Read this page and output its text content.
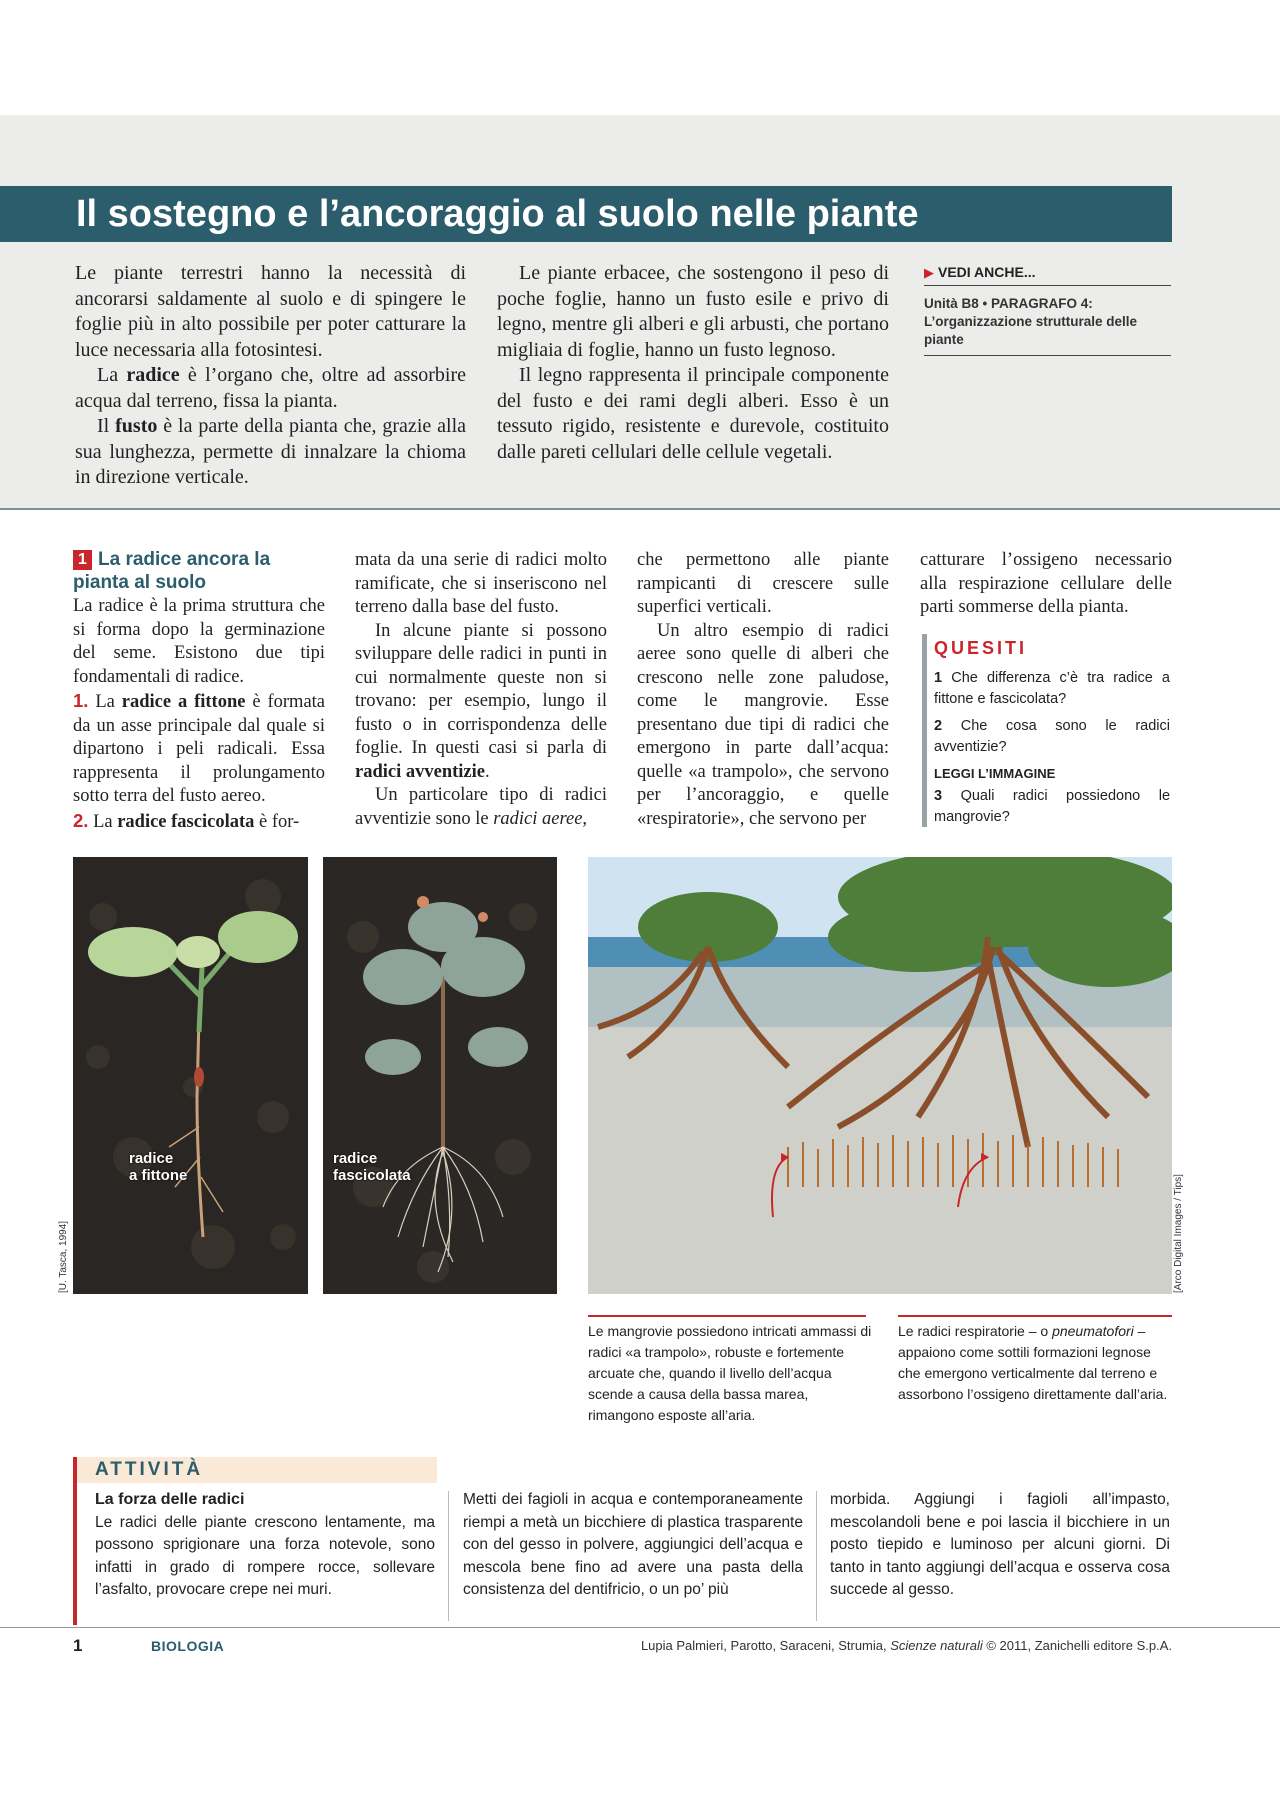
Il sostegno e l’ancoraggio al suolo nelle piante

Le piante terrestri hanno la necessità di ancorarsi saldamente al suolo e di spingere le foglie più in alto possibile per poter catturare la luce necessaria alla fotosintesi.

La radice è l’organo che, oltre ad assorbire acqua dal terreno, fissa la pianta.

Il fusto è la parte della pianta che, grazie alla sua lunghezza, permette di innalzare la chioma in direzione verticale.

Le piante erbacee, che sostengono il peso di poche foglie, hanno un fusto esile e privo di legno, mentre gli alberi e gli arbusti, che portano migliaia di foglie, hanno un fusto legnoso.

Il legno rappresenta il principale componente del fusto e dei rami degli alberi. Esso è un tessuto rigido, resistente e durevole, costituito dalle pareti cellulari delle cellule vegetali.

▶ VEDI ANCHE...
Unità B8 • PARAGRAFO 4:
L’organizzazione strutturale delle piante
1 La radice ancora la pianta al suolo

La radice è la prima struttura che si forma dopo la germinazione del seme. Esistono due tipi fondamentali di radice.

1. La radice a fittone è formata da un asse principale dal quale si dipartono i peli radicali. Essa rappresenta il prolungamento sotto terra del fusto aereo.

2. La radice fascicolata è for-

mata da una serie di radici molto ramificate, che si inseriscono nel terreno dalla base del fusto.

In alcune piante si possono sviluppare delle radici in punti in cui normalmente queste non si trovano: per esempio, lungo il fusto o in corrispondenza delle foglie. In questi casi si parla di radici avventizie.

Un particolare tipo di radici avventizie sono le radici aeree,

che permettono alle piante rampicanti di crescere sulle superfici verticali.

Un altro esempio di radici aeree sono quelle di alberi che crescono nelle zone paludose, come le mangrovie. Esse presentano due tipi di radici che emergono in parte dall’acqua: quelle «a trampolo», che servono per l’ancoraggio, e quelle «respiratorie», che servono per

catturare l’ossigeno necessario alla respirazione cellulare delle parti sommerse della pianta.

QUESITI
1 Che differenza c’è tra radice a fittone e fascicolata?
2 Che cosa sono le radici avventizie?
LEGGI L’IMMAGINE
3 Quali radici possiedono le mangrovie?
radice
a fittone
radice
fascicolata
[U. Tasca, 1994]	[Arco Digital Images / Tips]
Le mangrovie possiedono intricati ammassi di radici «a trampolo», robuste e fortemente arcuate che, quando il livello dell’acqua scende a causa della bassa marea, rimangono esposte all’aria.
Le radici respiratorie – o pneumatofori – appaiono come sottili formazioni legnose che emergono verticalmente dal terreno e assorbono l’ossigeno direttamente dall’aria.
ATTIVITÀ
La forza delle radici
Le radici delle piante crescono lentamente, ma possono sprigionare una forza notevole, sono infatti in grado di rompere rocce, sollevare l’asfalto, provocare crepe nei muri.
Metti dei fagioli in acqua e contemporaneamente riempi a metà un bicchiere di plastica trasparente con del gesso in polvere, aggiungici dell’acqua e mescola bene fino ad avere una pasta della consistenza del dentifricio, o un po’ più
morbida. Aggiungi i fagioli all’impasto, mescolandoli bene e poi lascia il bicchiere in un posto tiepido e luminoso per alcuni giorni. Di tanto in tanto aggiungi dell’acqua e osserva cosa succede al gesso.
1	BIOLOGIA	Lupia Palmieri, Parotto, Saraceni, Strumia, Scienze naturali © 2011, Zanichelli editore S.p.A.
